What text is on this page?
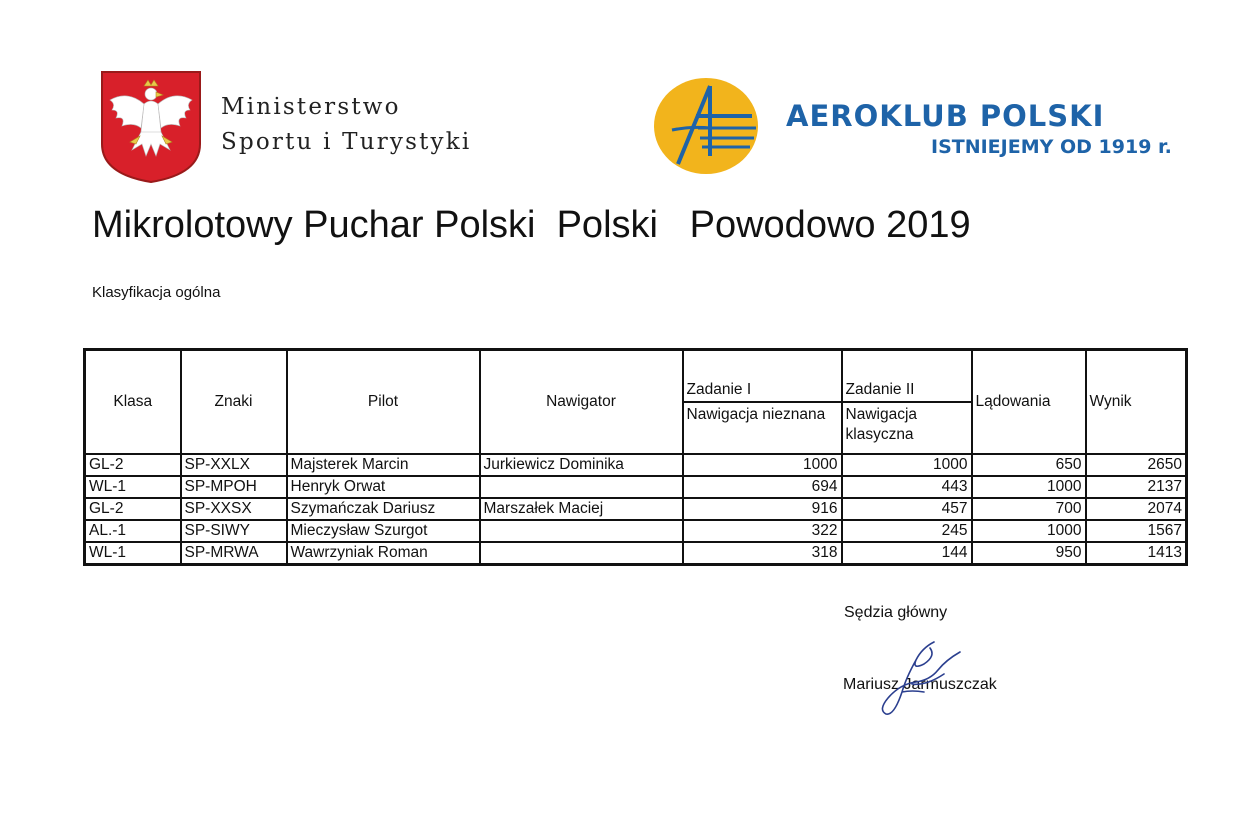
Ministerstwo
Sportu i Turystyki
AEROKLUB POLSKI
ISTNIEJEMY OD 1919 r.
Mikrolotowy Puchar Polski  Polski   Powodowo 2019
Klasyfikacja ogólna
Klasa	Znaki	Pilot	Nawigator	Zadanie I	Zadanie II	Lądowania	Wynik
				Nawigacja nieznana	Nawigacja klasyczna		
GL-2	SP-XXLX	Majsterek Marcin	Jurkiewicz Dominika	1000	1000	650	2650
WL-1	SP-MPOH	Henryk Orwat		694	443	1000	2137
GL-2	SP-XXSX	Szymańczak Dariusz	Marszałek Maciej	916	457	700	2074
AL.-1	SP-SIWY	Mieczysław Szurgot		322	245	1000	1567
WL-1	SP-MRWA	Wawrzyniak Roman		318	144	950	1413
Sędzia główny
Mariusz Jarmuszczak
